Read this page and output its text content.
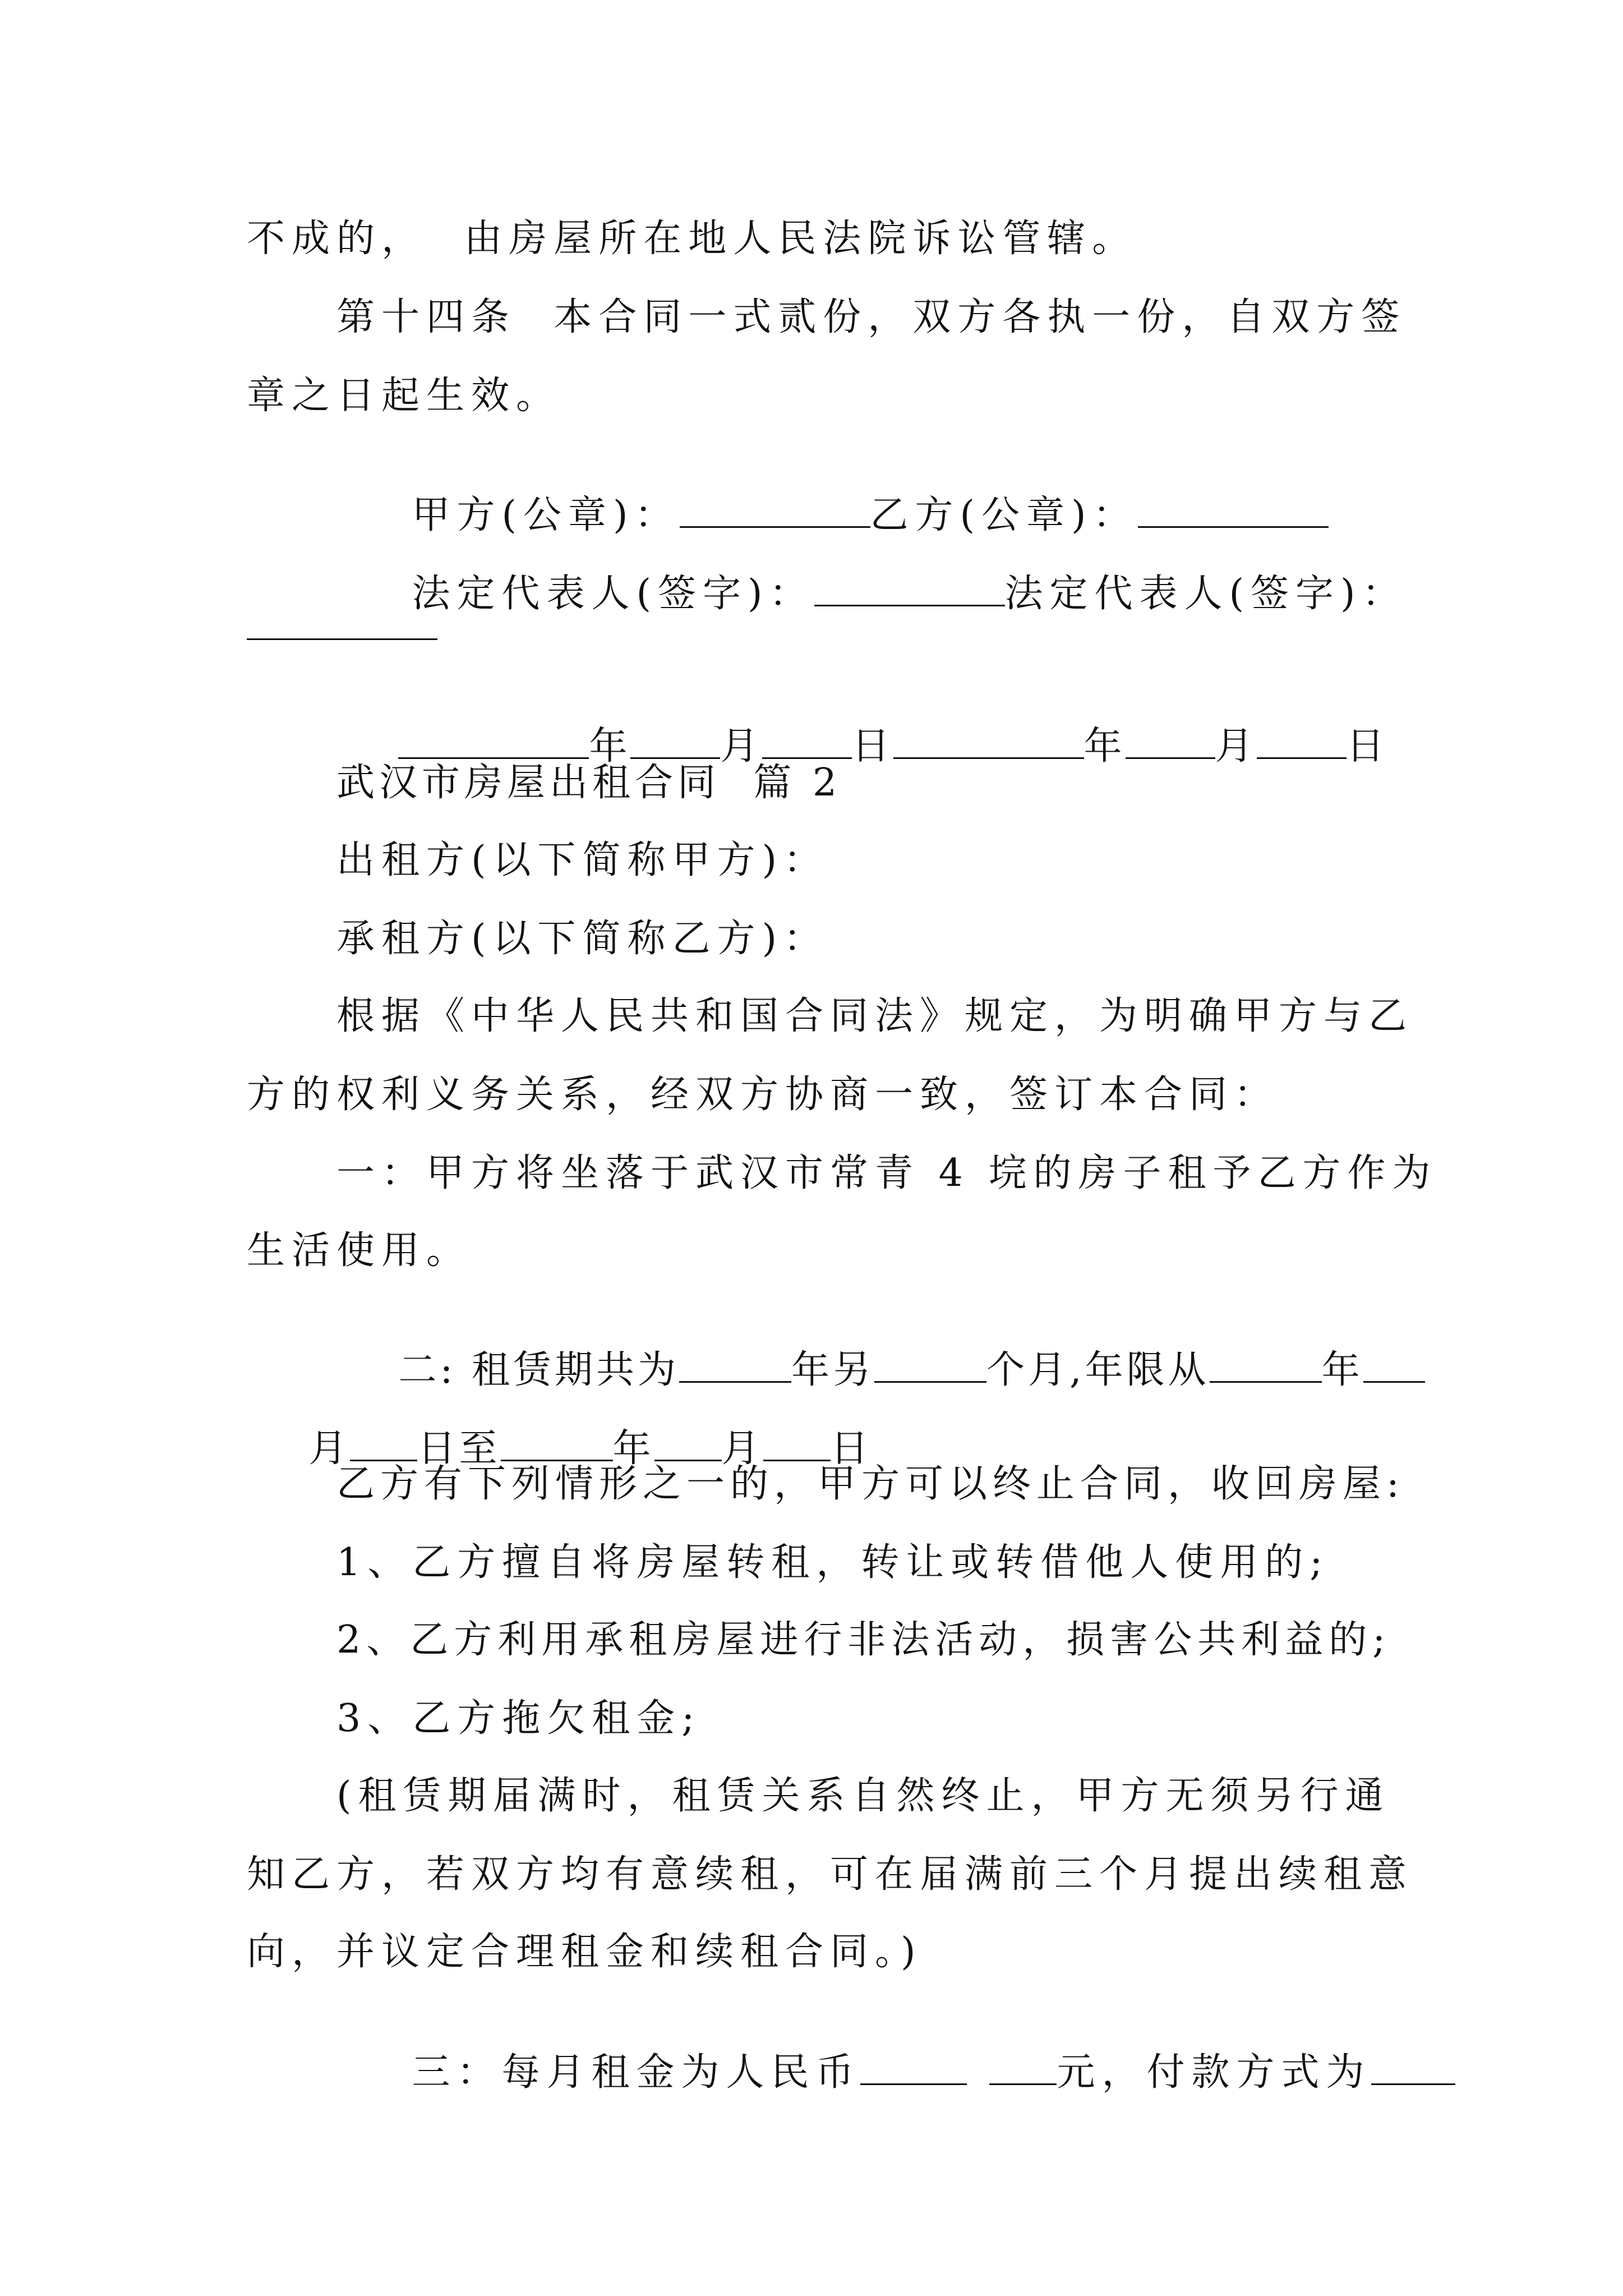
不成的，  由房屋所在地人民法院诉讼管辖。
第十四条  本合同一式贰份，双方各执一份，自双方签
章之日起生效。

甲方(公章)：	乙方(公章)：

法定代表人(签字)：	法定代表人(签字)：

年 月 日	年 月 日

武汉市房屋出租合同  篇 2
出租方(以下简称甲方)：
承租方(以下简称乙方)：
根据《中华人民共和国合同法》规定，为明确甲方与乙
方的权利义务关系，经双方协商一致，签订本合同：
一：甲方将坐落于武汉市常青 4 垸的房子租予乙方作为
生活使用。

二: 租赁期共为	年另	个月,年限从	年

月 日至	年 月 日

乙方有下列情形之一的，甲方可以终止合同，收回房屋:
1、乙方擅自将房屋转租，转让或转借他人使用的;
2、乙方利用承租房屋进行非法活动，损害公共利益的;
3、乙方拖欠租金;
(租赁期届满时，租赁关系自然终止，甲方无须另行通
知乙方，若双方均有意续租，可在届满前三个月提出续租意
向，并议定合理租金和续租合同。)

三：每月租金为人民币	元，付款方式为
